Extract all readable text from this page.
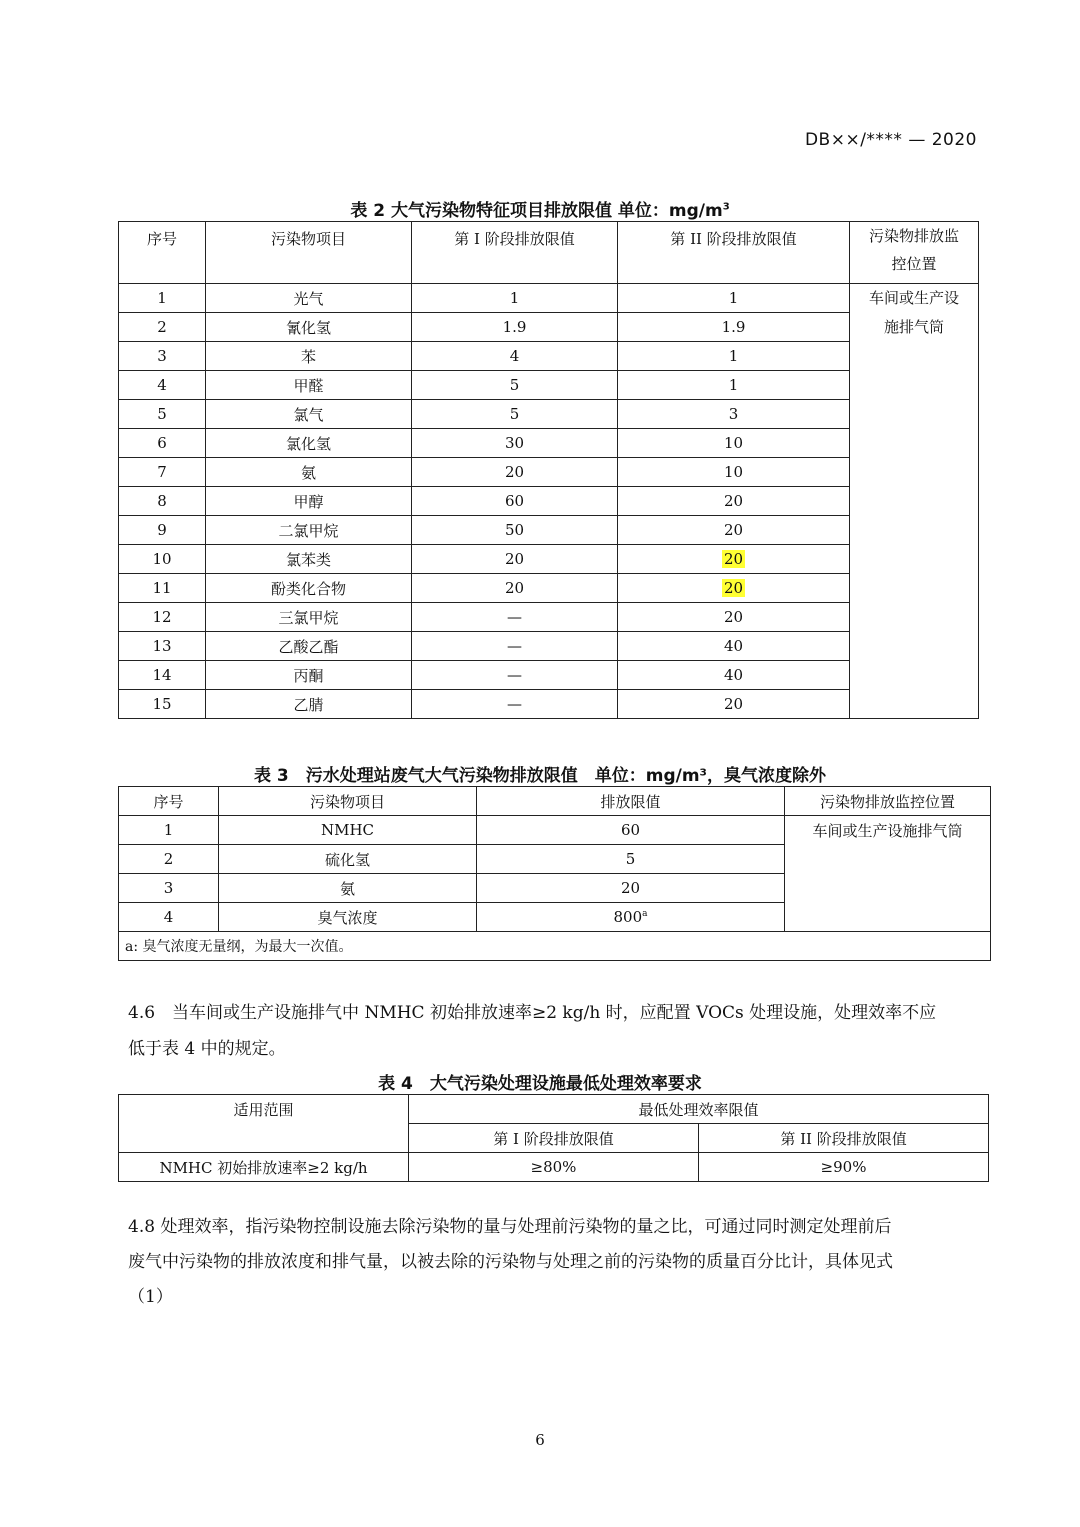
DB××/**** — 2020
表 2 大气污染物特征项目排放限值 单位：$mg/m^3$
序号	污染物项目	第 I 阶段排放限值	第 II 阶段排放限值	污染物排放监
控位置
1	光气	1	1	车间或生产设
施排气筒
2	氰化氢	1.9	1.9	
3	苯	4	1	
4	甲醛	5	1	
5	氯气	5	3	
6	氯化氢	30	10	
7	氨	20	10	
8	甲醇	60	20	
9	二氯甲烷	50	20	
10	氯苯类	20	20	
11	酚类化合物	20	20	
12	三氯甲烷	—	20	
13	乙酸乙酯	—	40	
14	丙酮	—	40	
15	乙腈	—	20	
表 3　污水处理站废气大气污染物排放限值　单位：mg/m³，臭气浓度除外
序号	污染物项目	排放限值	污染物排放监控位置
1	NMHC	60	车间或生产设施排气筒
2	硫化氢	5	
3	氨	20	
4	臭气浓度	800$^a$
a: 臭气浓度无量纲，为最大一次值。			
4.6　当车间或生产设施排气中 NMHC 初始排放速率≥2 kg/h 时，应配置 VOCs 处理设施，处理效率不应
低于表 4 中的规定。
表 4　大气污染处理设施最低处理效率要求
适用范围	最低处理效率限值	
	第 I 阶段排放限值	第 II 阶段排放限值
NMHC 初始排放速率≥2 kg/h	≥80%	≥90%
4.8 处理效率，指污染物控制设施去除污染物的量与处理前污染物的量之比，可通过同时测定处理前后
废气中污染物的排放浓度和排气量，以被去除的污染物与处理之前的污染物的质量百分比计，具体见式
（1）
6
